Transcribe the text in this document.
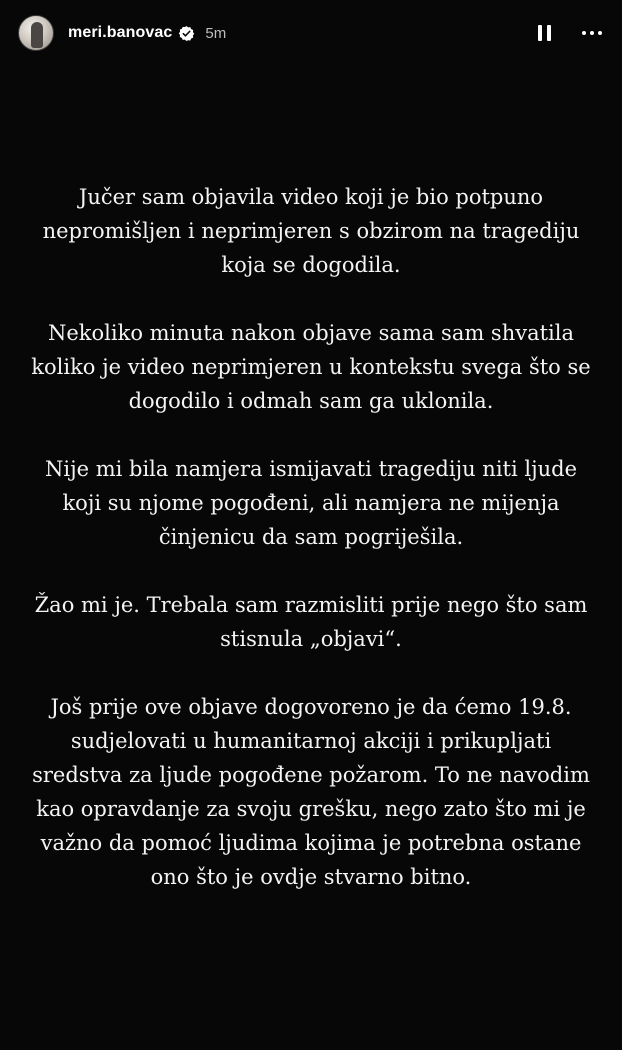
meri.banovac 5m

Jučer sam objavila video koji je bio potpuno nepromišljen i neprimjeren s obzirom na tragediju koja se dogodila.

Nekoliko minuta nakon objave sama sam shvatila koliko je video neprimjeren u kontekstu svega što se dogodilo i odmah sam ga uklonila.

Nije mi bila namjera ismijavati tragediju niti ljude koji su njome pogođeni, ali namjera ne mijenja činjenicu da sam pogriješila.

Žao mi je. Trebala sam razmisliti prije nego što sam stisnula „objavi“.

Još prije ove objave dogovoreno je da ćemo 19.8. sudjelovati u humanitarnoj akciji i prikupljati sredstva za ljude pogođene požarom. To ne navodim kao opravdanje za svoju grešku, nego zato što mi je važno da pomoć ljudima kojima je potrebna ostane ono što je ovdje stvarno bitno.
